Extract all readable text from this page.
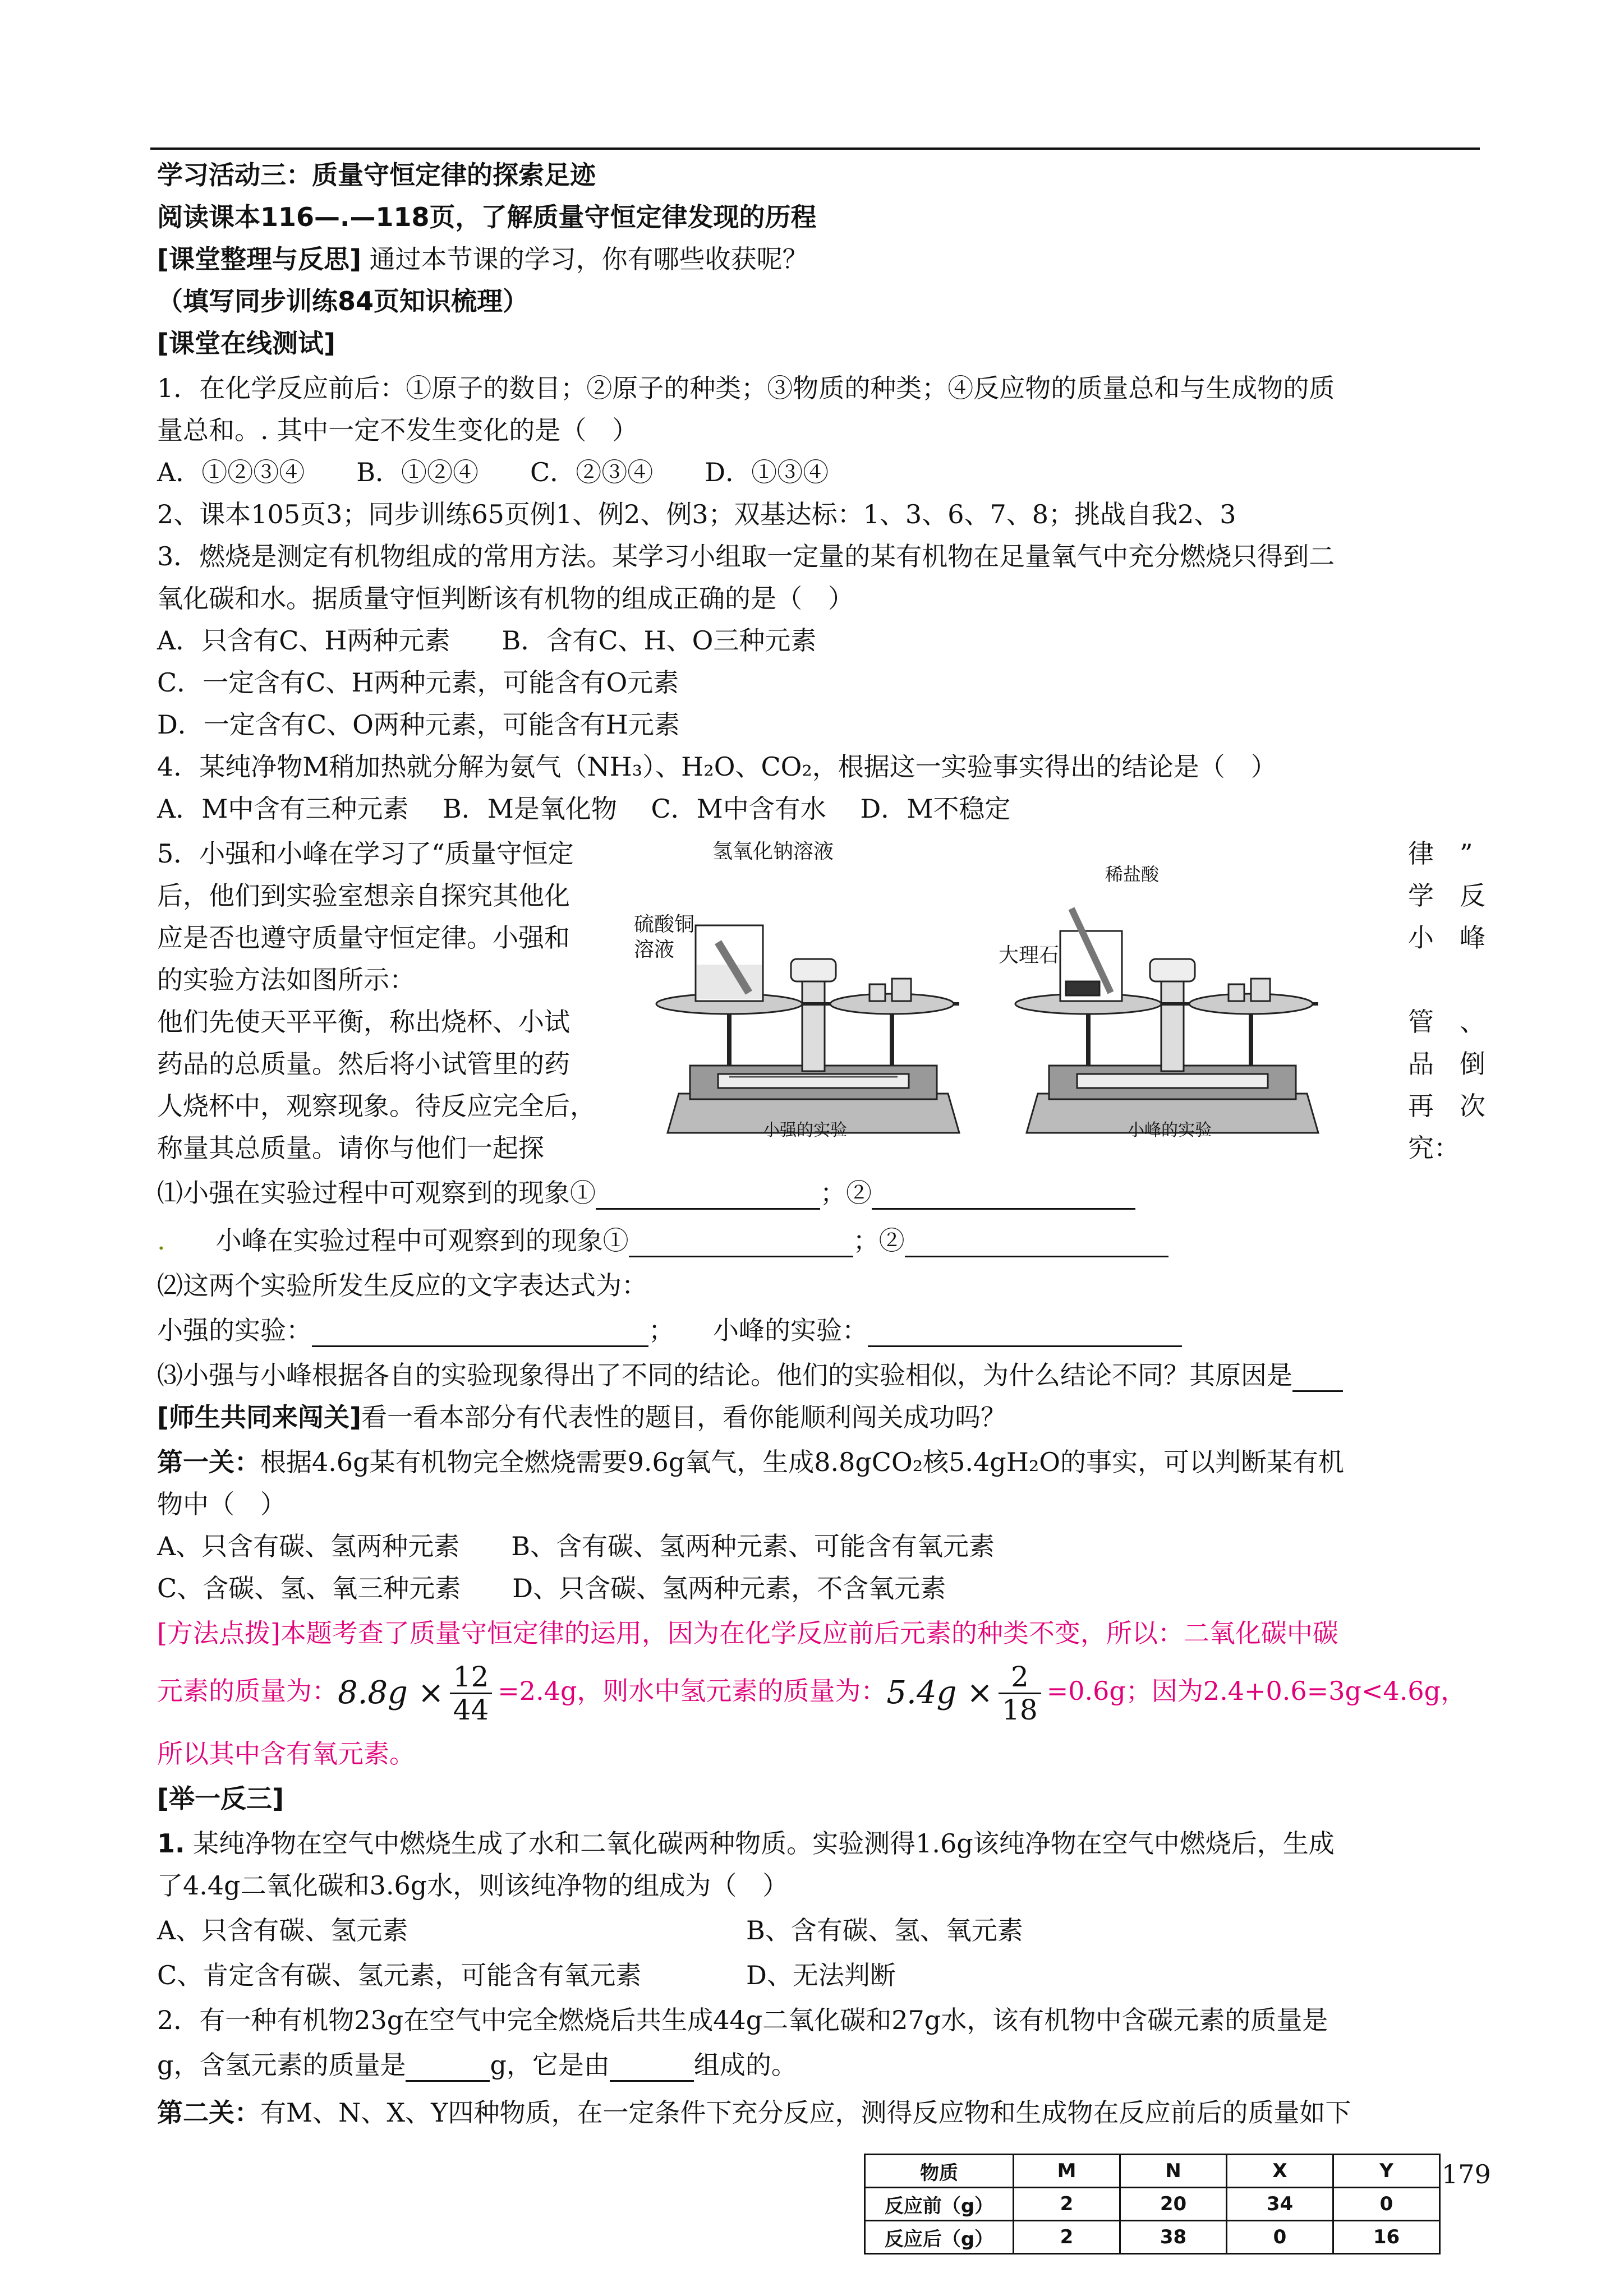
学习活动三：质量守恒定律的探索足迹
阅读课本116—.—118页，了解质量守恒定律发现的历程
[课堂整理与反思] 通过本节课的学习，你有哪些收获呢？
（填写同步训练84页知识梳理）
[课堂在线测试]
1．在化学反应前后：①原子的数目；②原子的种类；③物质的种类；④反应物的质量总和与生成物的质
量总和。. 其中一定不发生变化的是（　）
A．①②③④　　B．①②④　　C．②③④　　D．①③④
2、课本105页3；同步训练65页例1、例2、例3；双基达标：1、3、6、7、8；挑战自我2、3
3．燃烧是测定有机物组成的常用方法。某学习小组取一定量的某有机物在足量氧气中充分燃烧只得到二
氧化碳和水。据质量守恒判断该有机物的组成正确的是（　）
A．只含有C、H两种元素　　B．含有C、H、O三种元素
C．一定含有C、H两种元素，可能含有O元素
D．一定含有C、O两种元素，可能含有H元素
4．某纯净物M稍加热就分解为氨气（NH₃）、H₂O、CO₂，根据这一实验事实得出的结论是（　）
A．M中含有三种元素　 B．M是氧化物　 C．M中含有水　 D．M不稳定
5．小强和小峰在学习了“质量守恒定
后，他们到实验室想亲自探究其他化
应是否也遵守质量守恒定律。小强和
的实验方法如图所示：
他们先使天平平衡，称出烧杯、小试
药品的总质量。然后将小试管里的药
人烧杯中，观察现象。待反应完全后，
称量其总质量。请你与他们一起探
律　”
学　反
小　峰
管　、
品　倒
再　次
究：
氢氧化钠溶液
硫酸铜
溶液
稀盐酸
大理石
小强的实验	小峰的实验
⑴小强在实验过程中可观察到的现象①	；②
. 小峰在实验过程中可观察到的现象①	；②
⑵这两个实验所发生反应的文字表达式为：
小强的实验：	；　　小峰的实验：
⑶小强与小峰根据各自的实验现象得出了不同的结论。他们的实验相似，为什么结论不同？其原因是
[师生共同来闯关]看一看本部分有代表性的题目，看你能顺利闯关成功吗？
第一关：根据4.6g某有机物完全燃烧需要9.6g氧气，生成8.8gCO₂核5.4gH₂O的事实，可以判断某有机
物中（　）
A、只含有碳、氢两种元素　　B、含有碳、氢两种元素、可能含有氧元素
C、含碳、氢、氧三种元素　　D、只含碳、氢两种元素，不含氧元素
[方法点拨]本题考查了质量守恒定律的运用，因为在化学反应前后元素的种类不变，所以：二氧化碳中碳
元素的质量为：$8.8g \times \frac{12}{44} =2.4g$，则水中氢元素的质量为：$5.4g \times \frac{2}{18} =0.6g$；因为2.4+0.6=3g<4.6g，
所以其中含有氧元素。
[举一反三]
1. 某纯净物在空气中燃烧生成了水和二氧化碳两种物质。实验测得1.6g该纯净物在空气中燃烧后，生成
了4.4g二氧化碳和3.6g水，则该纯净物的组成为（　）
A、只含有碳、氢元素	B、含有碳、氢、氧元素
C、肯定含有碳、氢元素，可能含有氧元素	D、无法判断
2．有一种有机物23g在空气中完全燃烧后共生成44g二氧化碳和27g水，该有机物中含碳元素的质量是
g，含氢元素的质量是	g，它是由	组成的。
第二关：有M、N、X、Y四种物质，在一定条件下充分反应，测得反应物和生成物在反应前后的质量如下
物质	M	N	X	Y
反应前（g）	2	20	34	0
反应后（g）	2	38	0	16
179
